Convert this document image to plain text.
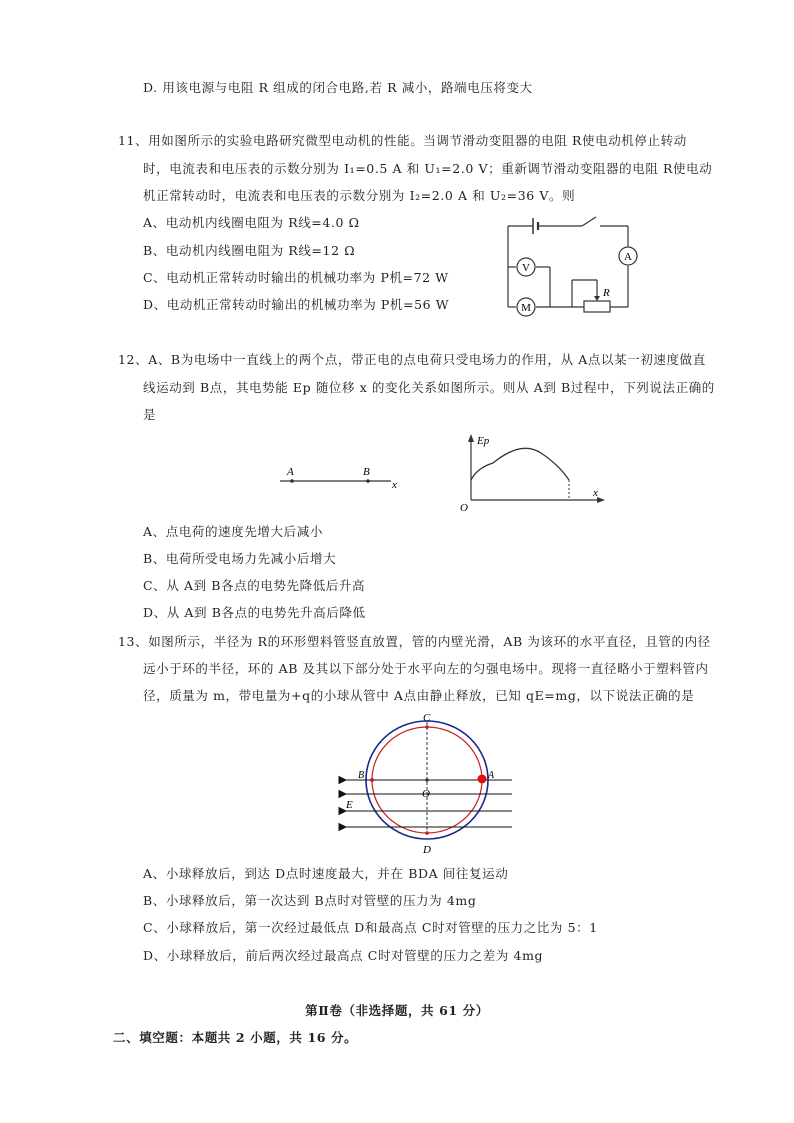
D. 用该电源与电阻 R 组成的闭合电路,若 R 减小，路端电压将变大
11、用如图所示的实验电路研究微型电动机的性能。当调节滑动变阻器的电阻 R使电动机停止转动
时，电流表和电压表的示数分别为 I₁=0.5 A 和 U₁=2.0 V；重新调节滑动变阻器的电阻 R使电动
机正常转动时，电流表和电压表的示数分别为 I₂=2.0 A 和 U₂=36 V。则
A、电动机内线圈电阻为 R线=4.0 Ω
B、电动机内线圈电阻为 R线=12 Ω
C、电动机正常转动时输出的机械功率为 P机=72 W
D、电动机正常转动时输出的机械功率为 P机=56 W
V
M
A
R
12、A、B为电场中一直线上的两个点，带正电的点电荷只受电场力的作用，从 A点以某一初速度做直
线运动到 B点，其电势能 Ep 随位移 x 的变化关系如图所示。则从 A到 B过程中，下列说法正确的
是
A	B
x
Ep
O
x
A、点电荷的速度先增大后减小
B、电荷所受电场力先减小后增大
C、从 A到 B各点的电势先降低后升高
D、从 A到 B各点的电势先升高后降低
13、如图所示，半径为 R的环形塑料管竖直放置，管的内壁光滑，AB 为该环的水平直径，且管的内径
远小于环的半径，环的 AB 及其以下部分处于水平向左的匀强电场中。现将一直径略小于塑料管内
径，质量为 m，带电量为+q的小球从管中 A点由静止释放，已知 qE=mg，以下说法正确的是
C
D
B	A
O
E
A、小球释放后，到达 D点时速度最大，并在 BDA 间往复运动
B、小球释放后，第一次达到 B点时对管壁的压力为 4mg
C、小球释放后，第一次经过最低点 D和最高点 C时对管壁的压力之比为 5：1
D、小球释放后，前后两次经过最高点 C时对管壁的压力之差为 4mg
第Ⅱ卷（非选择题，共 61 分）
二、填空题：本题共 2 小题，共 16 分。
